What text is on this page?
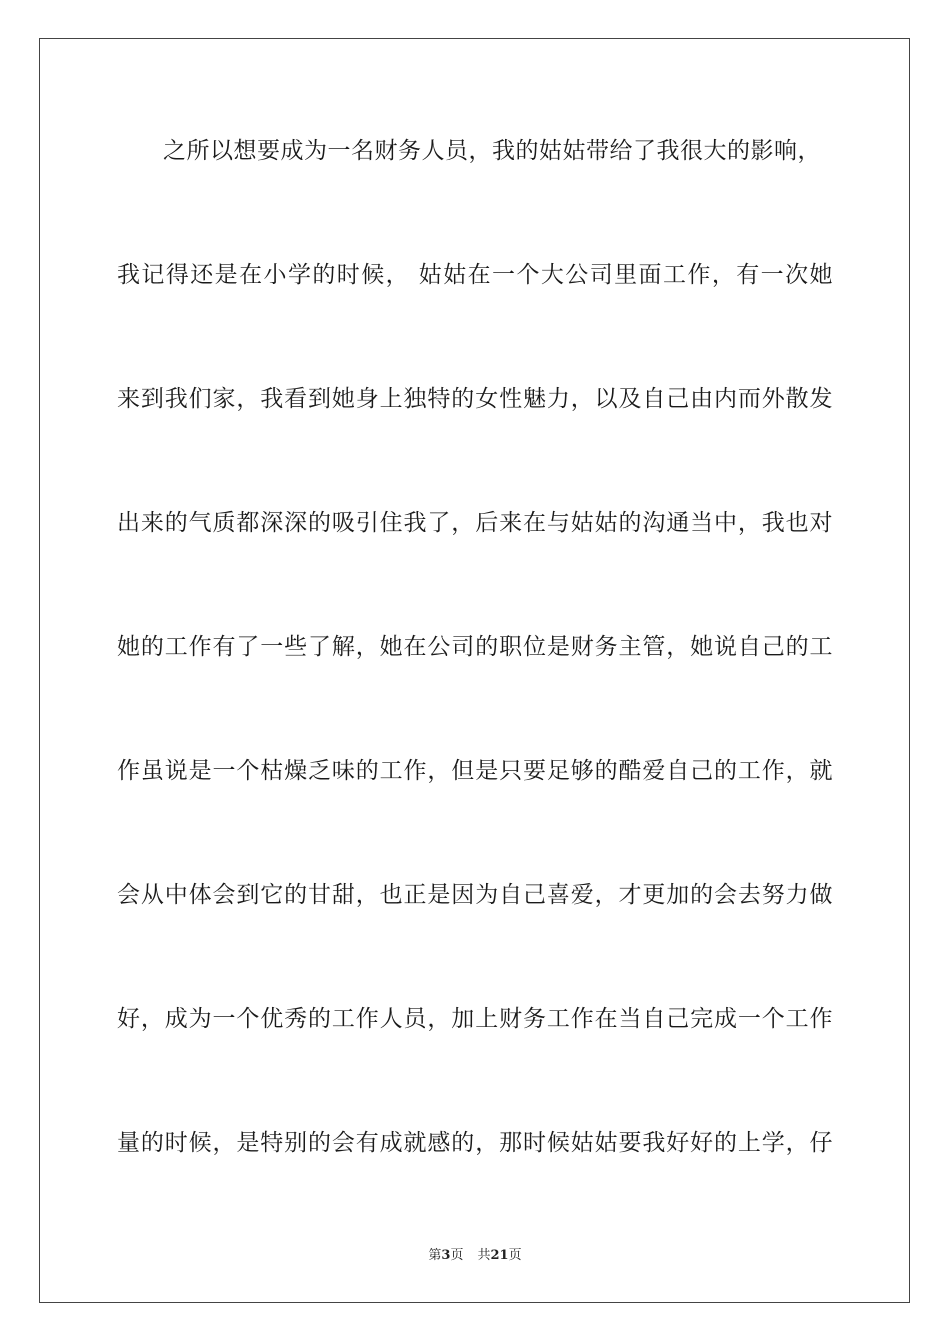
之所以想要成为一名财务人员，我的姑姑带给了我很大的影响，
我记得还是在小学的时候， 姑姑在一个大公司里面工作，有一次她
来到我们家，我看到她身上独特的女性魅力，以及自己由内而外散发
出来的气质都深深的吸引住我了，后来在与姑姑的沟通当中，我也对
她的工作有了一些了解，她在公司的职位是财务主管，她说自己的工
作虽说是一个枯燥乏味的工作，但是只要足够的酷爱自己的工作，就
会从中体会到它的甘甜，也正是因为自己喜爱，才更加的会去努力做
好，成为一个优秀的工作人员，加上财务工作在当自己完成一个工作
量的时候，是特别的会有成就感的，那时候姑姑要我好好的上学，仔
第3页 共21页
